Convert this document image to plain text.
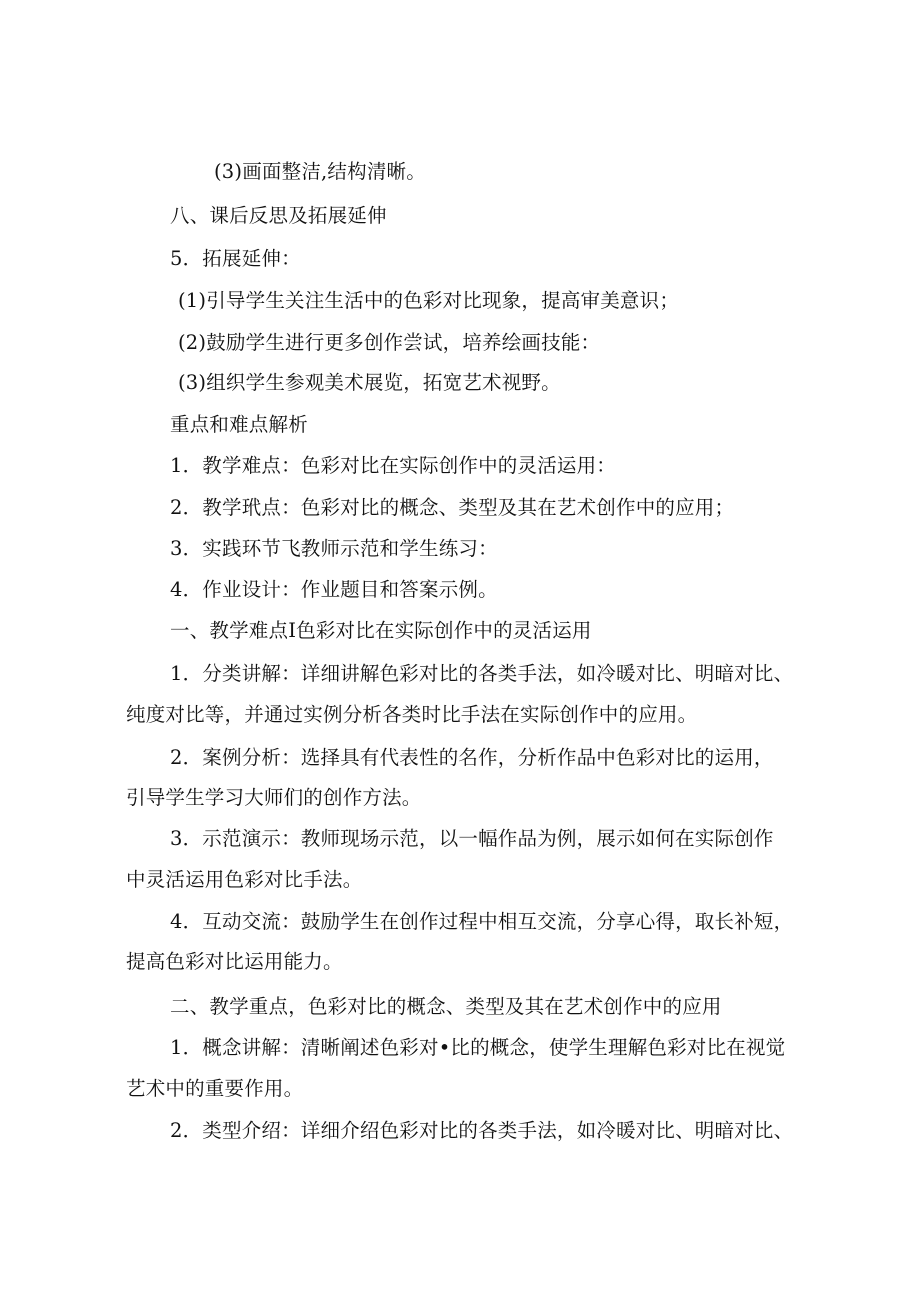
(3)画面整洁,结构清晰。
八、课后反思及拓展延伸
5．拓展延伸：
(1)引导学生关注生活中的色彩对比现象，提高审美意识；
(2)鼓励学生进行更多创作尝试，培养绘画技能：
(3)组织学生参观美术展览，拓宽艺术视野。
重点和难点解析
1．教学难点：色彩对比在实际创作中的灵活运用：
2．教学玳点：色彩对比的概念、类型及其在艺术创作中的应用；
3．实践环节飞教师示范和学生练习：
4．作业设计：作业题目和答案示例。
一、教学难点I色彩对比在实际创作中的灵活运用
1．分类讲解：详细讲解色彩对比的各类手法，如冷暖对比、明暗对比、
纯度对比等，并通过实例分析各类时比手法在实际创作中的应用。
2．案例分析：选择具有代表性的名作，分析作品中色彩对比的运用，
引导学生学习大师们的创作方法。
3．示范演示：教师现场示范，以一幅作品为例，展示如何在实际创作
中灵活运用色彩对比手法。
4．互动交流：鼓励学生在创作过程中相互交流，分享心得，取长补短，
提高色彩对比运用能力。
二、教学重点，色彩对比的概念、类型及其在艺术创作中的应用
1．概念讲解：清晰阐述色彩对•比的概念，使学生理解色彩对比在视觉
艺术中的重要作用。
2．类型介绍：详细介绍色彩对比的各类手法，如冷暖对比、明暗对比、
